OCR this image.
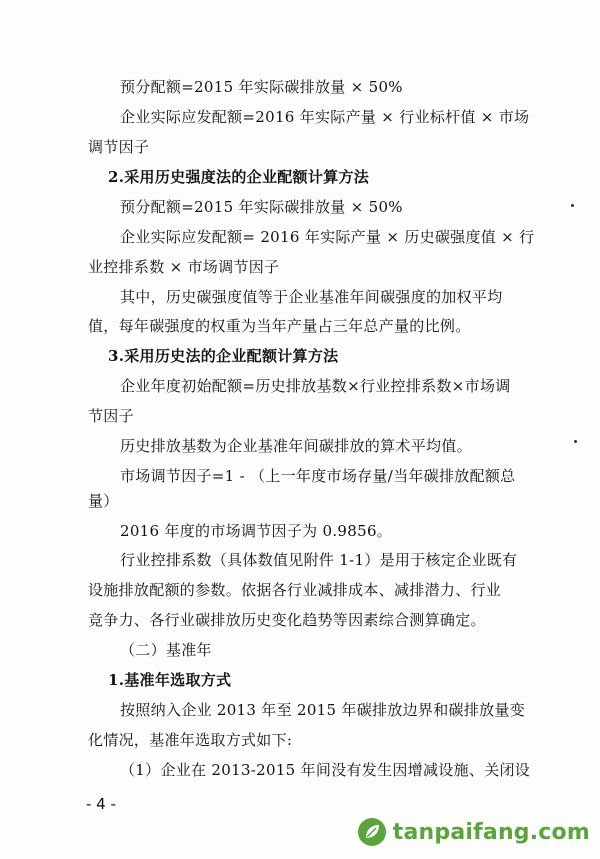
预分配额=2015 年实际碳排放量 × 50%
企业实际应发配额=2016 年实际产量 × 行业标杆值 × 市场
调节因子
2.采用历史强度法的企业配额计算方法
预分配额=2015 年实际碳排放量 × 50%
企业实际应发配额= 2016 年实际产量 × 历史碳强度值 × 行
业控排系数 × 市场调节因子
其中，历史碳强度值等于企业基准年间碳强度的加权平均
值，每年碳强度的权重为当年产量占三年总产量的比例。
3.采用历史法的企业配额计算方法
企业年度初始配额=历史排放基数×行业控排系数×市场调
节因子
历史排放基数为企业基准年间碳排放的算术平均值。
市场调节因子=1 - （上一年度市场存量/当年碳排放配额总
量）
2016 年度的市场调节因子为 0.9856。
行业控排系数（具体数值见附件 1-1）是用于核定企业既有
设施排放配额的参数。依据各行业减排成本、减排潜力、行业
竞争力、各行业碳排放历史变化趋势等因素综合测算确定。
（二）基准年
1.基准年选取方式
按照纳入企业 2013 年至 2015 年碳排放边界和碳排放量变
化情况，基准年选取方式如下:
（1）企业在 2013-2015 年间没有发生因增减设施、关闭设
- 4 -
tanpaifang.com
